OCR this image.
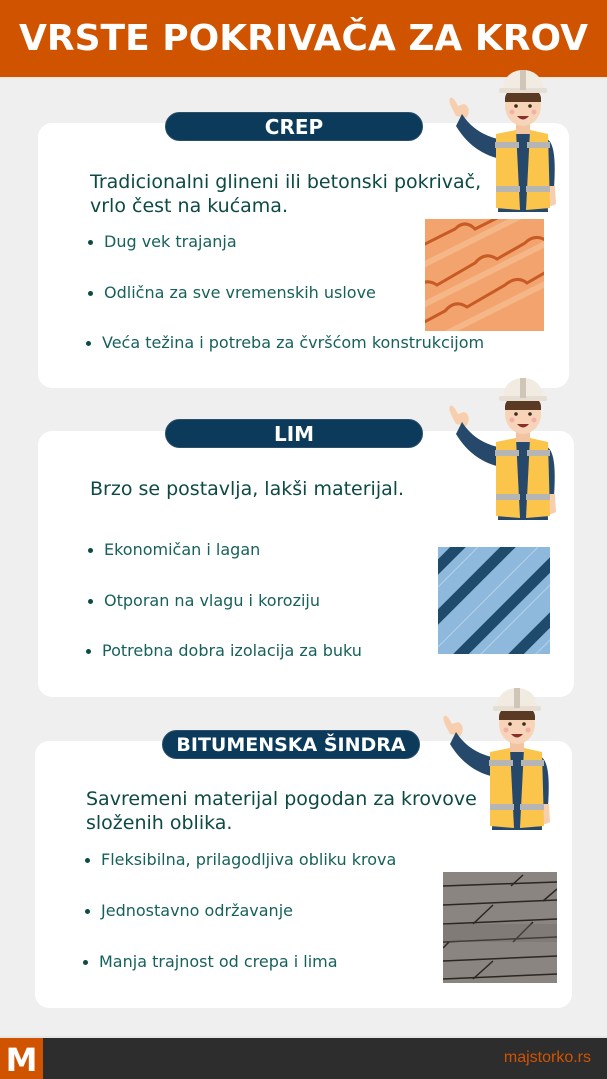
VRSTE POKRIVAČA ZA KROV
CREP
Tradicionalni glineni ili betonski pokrivač,
vrlo čest na kućama.
Dug vek trajanja
Odlična za sve vremenskih uslove
Veća težina i potreba za čvršćom konstrukcijom
LIM
Brzo se postavlja, lakši materijal.
Ekonomičan i lagan
Otporan na vlagu i koroziju
Potrebna dobra izolacija za buku
BITUMENSKA ŠINDRA
Savremeni materijal pogodan za krovove
složenih oblika.
Fleksibilna, prilagodljiva obliku krova
Jednostavno održavanje
Manja trajnost od crepa i lima
M	majstorko.rs
